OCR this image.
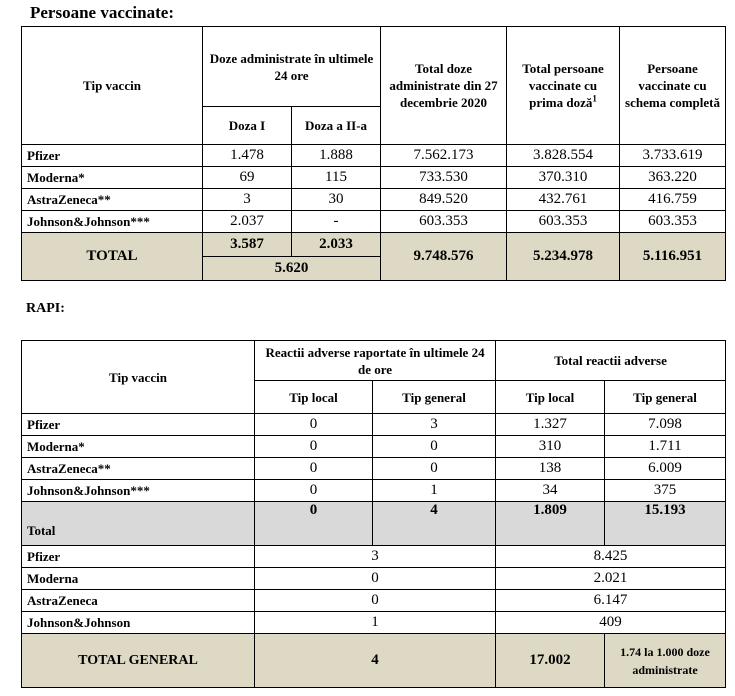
Persoane vaccinate:
Tip vaccin	Doze administrate în ultimele 24 ore		Total doze administrate din 27 decembrie 2020	Total persoane vaccinate cu prima doză$^1$	Persoane vaccinate cu schema completă
	Doza I	Doza a II-a			
Pfizer	1.478	1.888	7.562.173	3.828.554	3.733.619
Moderna*	69	115	733.530	370.310	363.220
AstraZeneca**	3	30	849.520	432.761	416.759
Johnson&Johnson***	2.037	-	603.353	603.353	603.353
TOTAL	3.587	2.033	9.748.576	5.234.978	5.116.951
	5.620				
RAPI:
Tip vaccin	Reactii adverse raportate în ultimele 24 de ore		Total reactii adverse	
	Tip local	Tip general	Tip local	Tip general
Pfizer	0	3	1.327	7.098
Moderna*	0	0	310	1.711
AstraZeneca**	0	0	138	6.009
Johnson&Johnson***	0	1	34	375
Total	0	4	1.809	15.193
Pfizer	3		8.425	
Moderna	0		2.021	
AstraZeneca	0		6.147	
Johnson&Johnson	1		409	
TOTAL GENERAL	4		17.002	1.74 la 1.000 doze administrate
